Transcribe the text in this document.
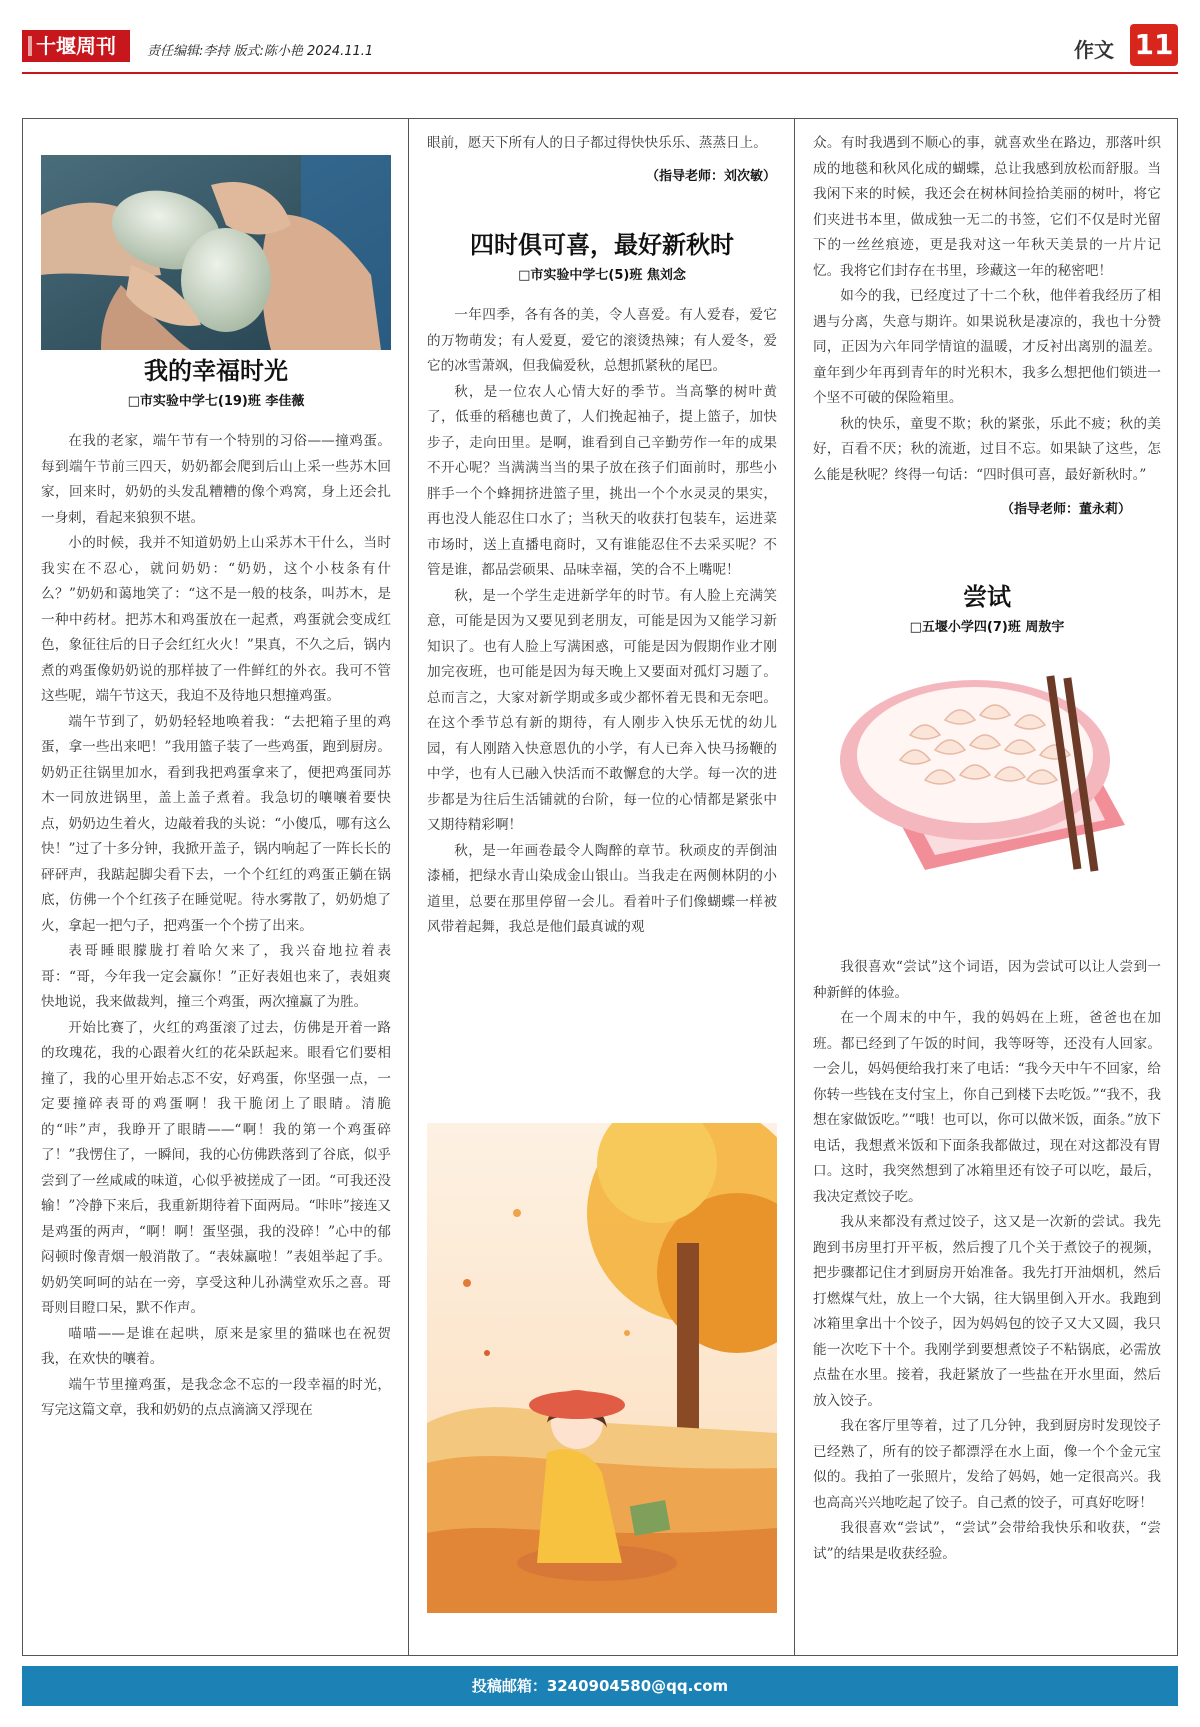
十堰周刊	责任编辑:李持 版式:陈小艳 2024.11.1	作文 11
我的幸福时光
□市实验中学七(19)班 李佳薇

在我的老家，端午节有一个特别的习俗——撞鸡蛋。每到端午节前三四天，奶奶都会爬到后山上采一些苏木回家，回来时，奶奶的头发乱糟糟的像个鸡窝，身上还会扎一身刺，看起来狼狈不堪。

小的时候，我并不知道奶奶上山采苏木干什么，当时我实在不忍心，就问奶奶：“奶奶，这个小枝条有什么？”奶奶和蔼地笑了：“这不是一般的枝条，叫苏木，是一种中药材。把苏木和鸡蛋放在一起煮，鸡蛋就会变成红色，象征往后的日子会红红火火！”果真，不久之后，锅内煮的鸡蛋像奶奶说的那样披了一件鲜红的外衣。我可不管这些呢，端午节这天，我迫不及待地只想撞鸡蛋。

端午节到了，奶奶轻轻地唤着我：“去把箱子里的鸡蛋，拿一些出来吧！”我用篮子装了一些鸡蛋，跑到厨房。奶奶正往锅里加水，看到我把鸡蛋拿来了，便把鸡蛋同苏木一同放进锅里，盖上盖子煮着。我急切的嚷嚷着要快点，奶奶边生着火，边敲着我的头说：“小傻瓜，哪有这么快！”过了十多分钟，我掀开盖子，锅内响起了一阵长长的砰砰声，我踮起脚尖看下去，一个个红红的鸡蛋正躺在锅底，仿佛一个个红孩子在睡觉呢。待水雾散了，奶奶熄了火，拿起一把勺子，把鸡蛋一个个捞了出来。

表哥睡眼朦胧打着哈欠来了，我兴奋地拉着表哥：“哥，今年我一定会赢你！”正好表姐也来了，表姐爽快地说，我来做裁判，撞三个鸡蛋，两次撞赢了为胜。

开始比赛了，火红的鸡蛋滚了过去，仿佛是开着一路的玫瑰花，我的心跟着火红的花朵跃起来。眼看它们要相撞了，我的心里开始忐忑不安，好鸡蛋，你坚强一点，一定要撞碎表哥的鸡蛋啊！我干脆闭上了眼睛。清脆的“咔”声，我睁开了眼睛——“啊！我的第一个鸡蛋碎了！”我愣住了，一瞬间，我的心仿佛跌落到了谷底，似乎尝到了一丝咸咸的味道，心似乎被搓成了一团。“可我还没输！”冷静下来后，我重新期待着下面两局。“咔咔”接连又是鸡蛋的两声，“啊！啊！蛋坚强，我的没碎！”心中的郁闷顿时像青烟一般消散了。“表妹赢啦！”表姐举起了手。奶奶笑呵呵的站在一旁，享受这种儿孙满堂欢乐之喜。哥哥则目瞪口呆，默不作声。

喵喵——是谁在起哄，原来是家里的猫咪也在祝贺我，在欢快的嚷着。

端午节里撞鸡蛋，是我念念不忘的一段幸福的时光，写完这篇文章，我和奶奶的点点滴滴又浮现在

眼前，愿天下所有人的日子都过得快快乐乐、蒸蒸日上。

（指导老师：刘次敏）
四时俱可喜，最好新秋时
□市实验中学七(5)班 焦刘念

一年四季，各有各的美，令人喜爱。有人爱春，爱它的万物萌发；有人爱夏，爱它的滚烫热辣；有人爱冬，爱它的冰雪萧飒，但我偏爱秋，总想抓紧秋的尾巴。

秋，是一位农人心情大好的季节。当高擎的树叶黄了，低垂的稻穗也黄了，人们挽起袖子，提上篮子，加快步子，走向田里。是啊，谁看到自己辛勤劳作一年的成果不开心呢？当满满当当的果子放在孩子们面前时，那些小胖手一个个蜂拥挤进篮子里，挑出一个个水灵灵的果实，再也没人能忍住口水了；当秋天的收获打包装车，运进菜市场时，送上直播电商时，又有谁能忍住不去采买呢？不管是谁，都品尝硕果、品味幸福，笑的合不上嘴呢！

秋，是一个学生走进新学年的时节。有人脸上充满笑意，可能是因为又要见到老朋友，可能是因为又能学习新知识了。也有人脸上写满困惑，可能是因为假期作业才刚加完夜班，也可能是因为每天晚上又要面对孤灯习题了。总而言之，大家对新学期或多或少都怀着无畏和无奈吧。在这个季节总有新的期待，有人刚步入快乐无忧的幼儿园，有人刚踏入快意恩仇的小学，有人已奔入快马扬鞭的中学，也有人已融入快活而不敢懈怠的大学。每一次的进步都是为往后生活铺就的台阶，每一位的心情都是紧张中又期待精彩啊！

秋，是一年画卷最令人陶醉的章节。秋顽皮的弄倒油漆桶，把绿水青山染成金山银山。当我走在两侧林阴的小道里，总要在那里停留一会儿。看着叶子们像蝴蝶一样被风带着起舞，我总是他们最真诚的观

众。有时我遇到不顺心的事，就喜欢坐在路边，那落叶织成的地毯和秋风化成的蝴蝶，总让我感到放松而舒服。当我闲下来的时候，我还会在树林间捡拾美丽的树叶，将它们夹进书本里，做成独一无二的书签，它们不仅是时光留下的一丝丝痕迹，更是我对这一年秋天美景的一片片记忆。我将它们封存在书里，珍藏这一年的秘密吧！

如今的我，已经度过了十二个秋，他伴着我经历了相遇与分离，失意与期许。如果说秋是凄凉的，我也十分赞同，正因为六年同学情谊的温暖，才反衬出离别的温差。童年到少年再到青年的时光积木，我多么想把他们锁进一个坚不可破的保险箱里。

秋的快乐，童叟不欺；秋的紧张，乐此不疲；秋的美好，百看不厌；秋的流逝，过目不忘。如果缺了这些，怎么能是秋呢？终得一句话：“四时俱可喜，最好新秋时。”

（指导老师：董永莉）
尝试
□五堰小学四(7)班 周敖宇

我很喜欢“尝试”这个词语，因为尝试可以让人尝到一种新鲜的体验。

在一个周末的中午，我的妈妈在上班，爸爸也在加班。都已经到了午饭的时间，我等呀等，还没有人回家。一会儿，妈妈便给我打来了电话：“我今天中午不回家，给你转一些钱在支付宝上，你自己到楼下去吃饭。”“我不，我想在家做饭吃。”“哦！也可以，你可以做米饭，面条。”放下电话，我想煮米饭和下面条我都做过，现在对这都没有胃口。这时，我突然想到了冰箱里还有饺子可以吃，最后，我决定煮饺子吃。

我从来都没有煮过饺子，这又是一次新的尝试。我先跑到书房里打开平板，然后搜了几个关于煮饺子的视频，把步骤都记住才到厨房开始准备。我先打开油烟机，然后打燃煤气灶，放上一个大锅，往大锅里倒入开水。我跑到冰箱里拿出十个饺子，因为妈妈包的饺子又大又圆，我只能一次吃下十个。我刚学到要想煮饺子不粘锅底，必需放点盐在水里。接着，我赶紧放了一些盐在开水里面，然后放入饺子。

我在客厅里等着，过了几分钟，我到厨房时发现饺子已经熟了，所有的饺子都漂浮在水上面，像一个个金元宝似的。我拍了一张照片，发给了妈妈，她一定很高兴。我也高高兴兴地吃起了饺子。自己煮的饺子，可真好吃呀！

我很喜欢“尝试”，“尝试”会带给我快乐和收获，“尝试”的结果是收获经验。

投稿邮箱：3240904580@qq.com
